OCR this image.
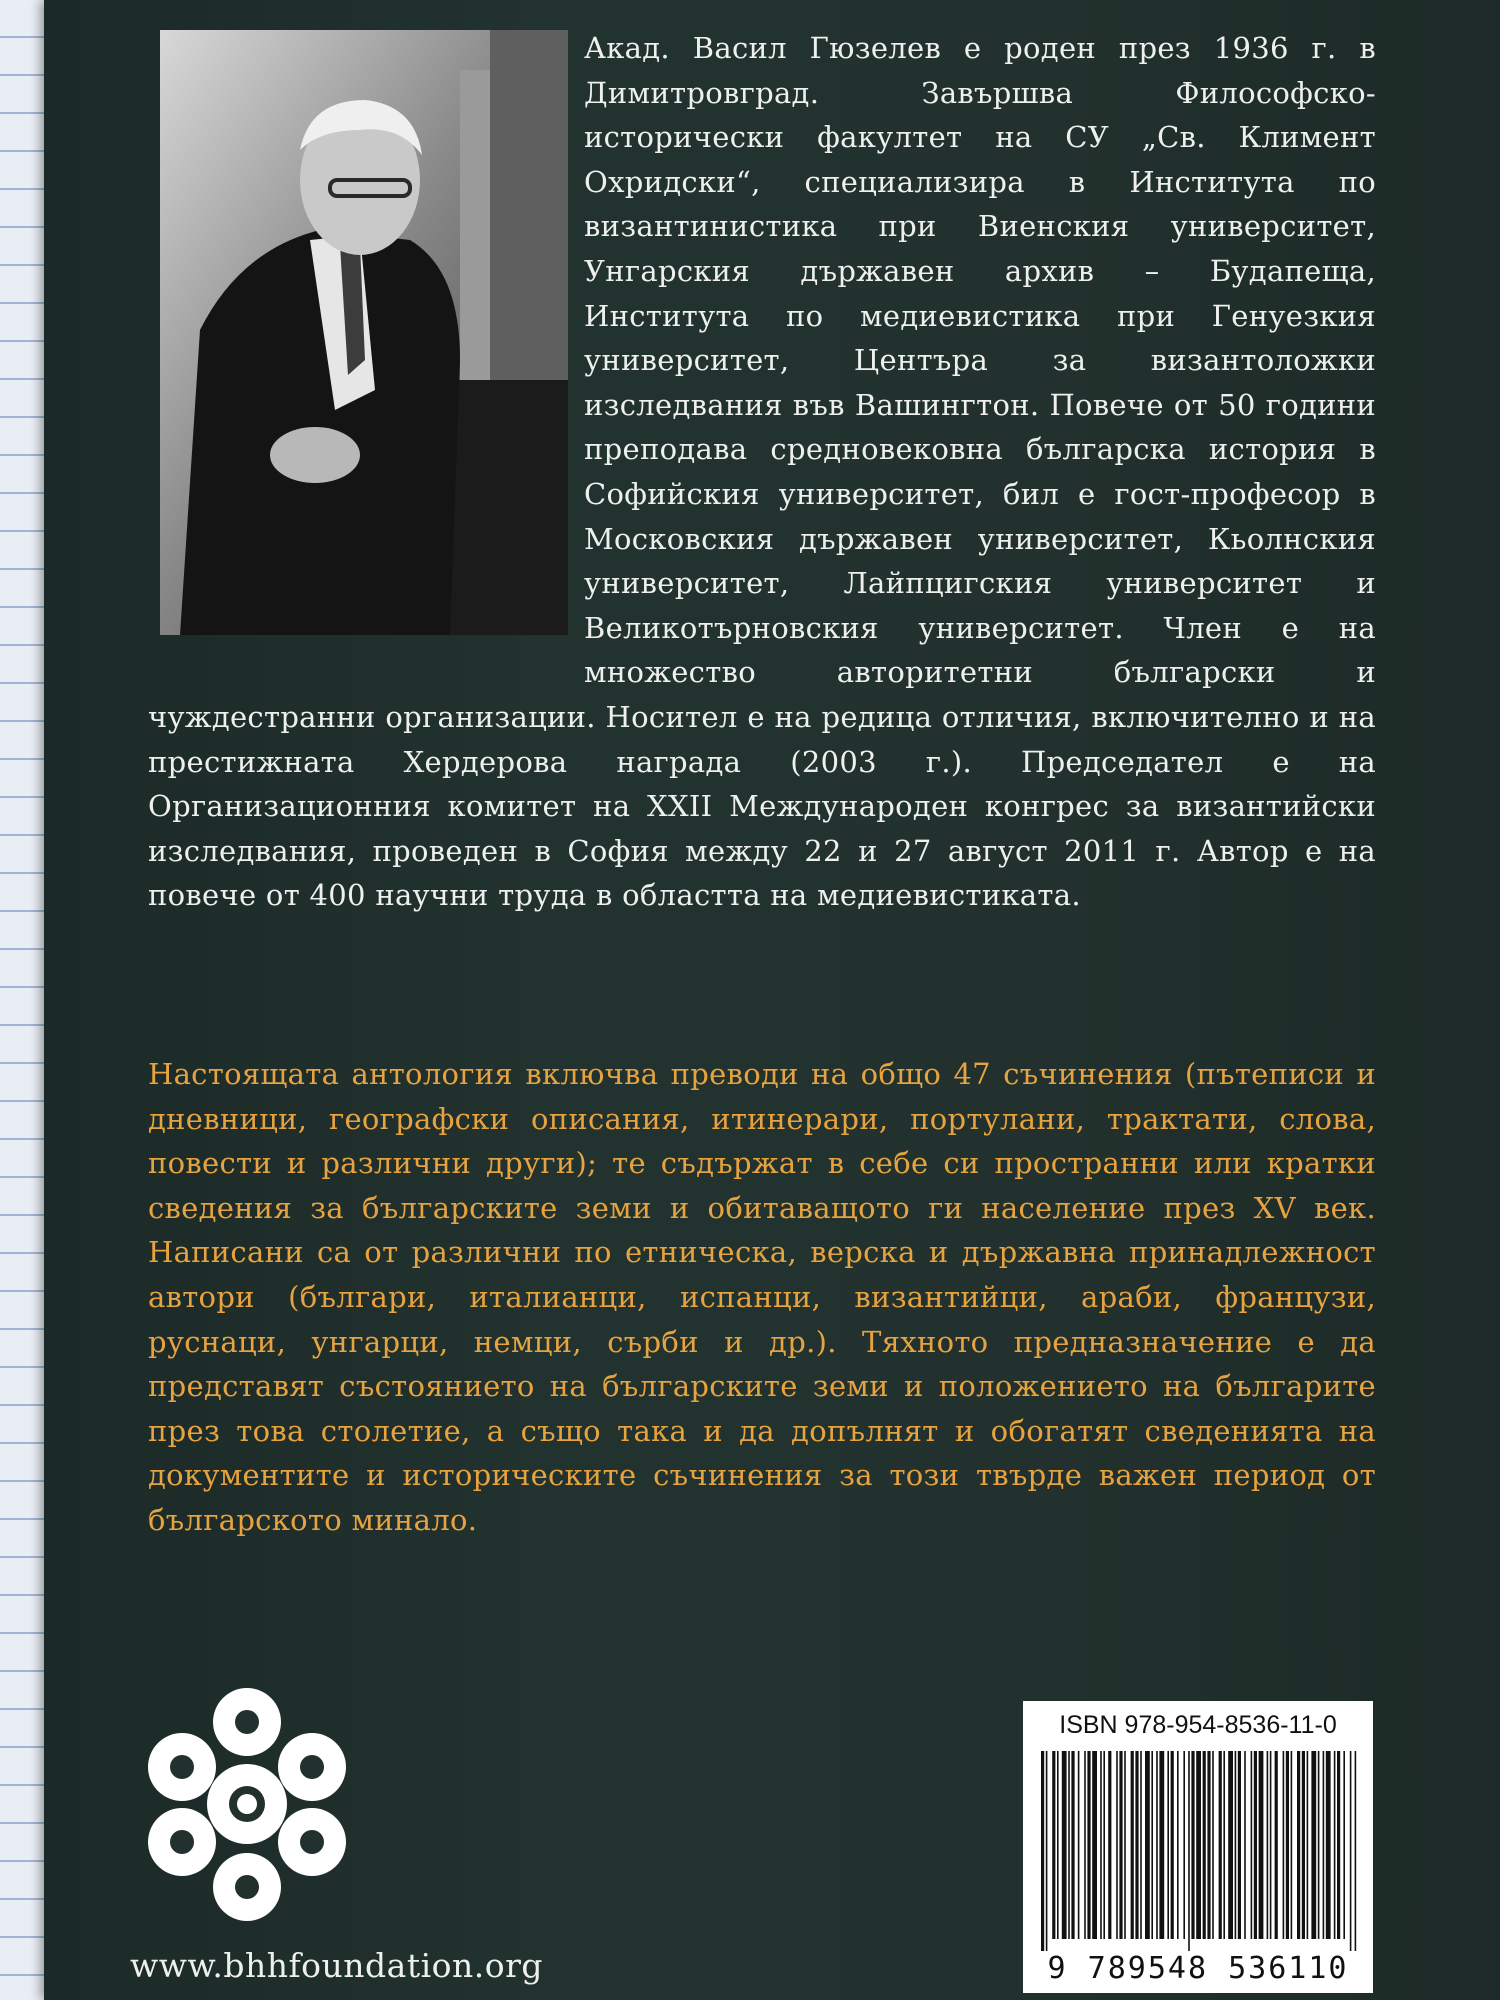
Акад. Васил Гюзелев е роден през 1936 г. в Димитровград. Завършва Философско-исторически факултет на СУ „Св. Климент Охридски“, специализира в Института по византинистика при Виенския университет, Унгарския държавен архив – Будапеща, Института по медиевистика при Генуезкия университет, Центъра за византоложки изследвания във Вашингтон. Повече от 50 години преподава средновековна българска история в Софийския университет, бил е гост-професор в Московския държавен университет, Кьолнския университет, Лайпцигския университет и Великотърновския университет. Член е на множество авторитетни български и чуждестранни организации. Носител е на редица отличия, включително и на престижната Хердерова награда (2003 г.). Председател е на Организационния комитет на XXII Международен конгрес за византийски изследвания, проведен в София между 22 и 27 август 2011 г. Автор е на повече от 400 научни труда в областта на медиевистиката.
Настоящата антология включва преводи на общо 47 съчинения (пътеписи и дневници, географски описания, итинерари, портулани, трактати, слова, повести и различни други); те съдържат в себе си пространни или кратки сведения за българските земи и обитаващото ги население през XV век. Написани са от различни по етническа, верска и държавна принадлежност автори (българи, италианци, испанци, византийци, араби, французи, руснаци, унгарци, немци, сърби и др.). Тяхното предназначение е да представят състоянието на българските земи и положението на българите през това столетие, а също така и да допълнят и обогатят сведенията на документите и историческите съчинения за този твърде важен период от българското минало.
www.bhhfoundation.org
ISBN 978-954-8536-11-0
9 789548 536110
